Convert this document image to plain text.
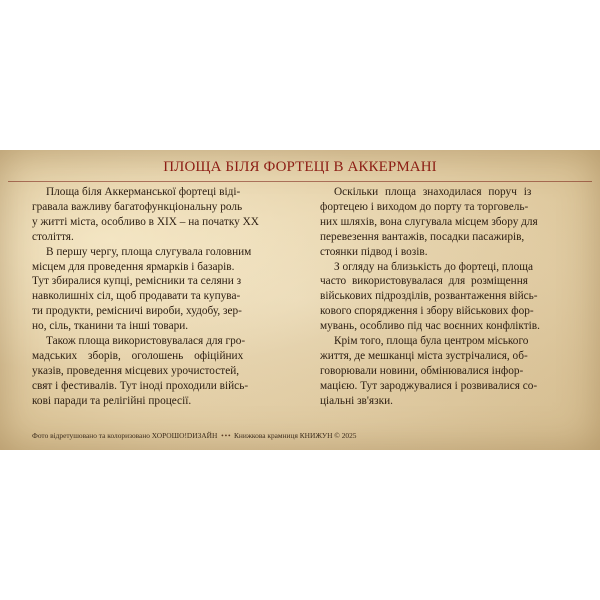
ПЛОЩА БІЛЯ ФОРТЕЦІ В АККЕРМАНІ
Площа біля Аккерманської фортеці віді-
гравала важливу багатофункціональну роль
у житті міста, особливо в XIX – на початку XX
століття.
В першу чергу, площа слугувала головним
місцем для проведення ярмарків і базарів.
Тут збиралися купці, ремісники та селяни з
навколишніх сіл, щоб продавати та купува-
ти продукти, ремісничі вироби, худобу, зер-
но, сіль, тканини та інші товари.
Також площа використовувалася для гро-
мадських зборів, оголошень офіційних
указів, проведення місцевих урочистостей,
свят і фестивалів. Тут іноді проходили війсь-
кові паради та релігійні процесії.
Оскільки площа знаходилася поруч із
фортецею і виходом до порту та торговель-
них шляхів, вона слугувала місцем збору для
перевезення вантажів, посадки пасажирів,
стоянки підвод і возів.
З огляду на близькість до фортеці, площа
часто використовувалася для розміщення
військових підрозділів, розвантаження війсь-
кового спорядження і збору військових фор-
мувань, особливо під час воєнних конфліктів.
Крім того, площа була центром міського
життя, де мешканці міста зустрічалися, об-
говорювали новини, обмінювалися інфор-
мацією. Тут зароджувалися і розвивалися со-
ціальні зв'язки.
Фото відретушовано та колоризовано ХОРОШО!DИЗАЙН • • • Книжкова крамниця КНИЖУН © 2025
